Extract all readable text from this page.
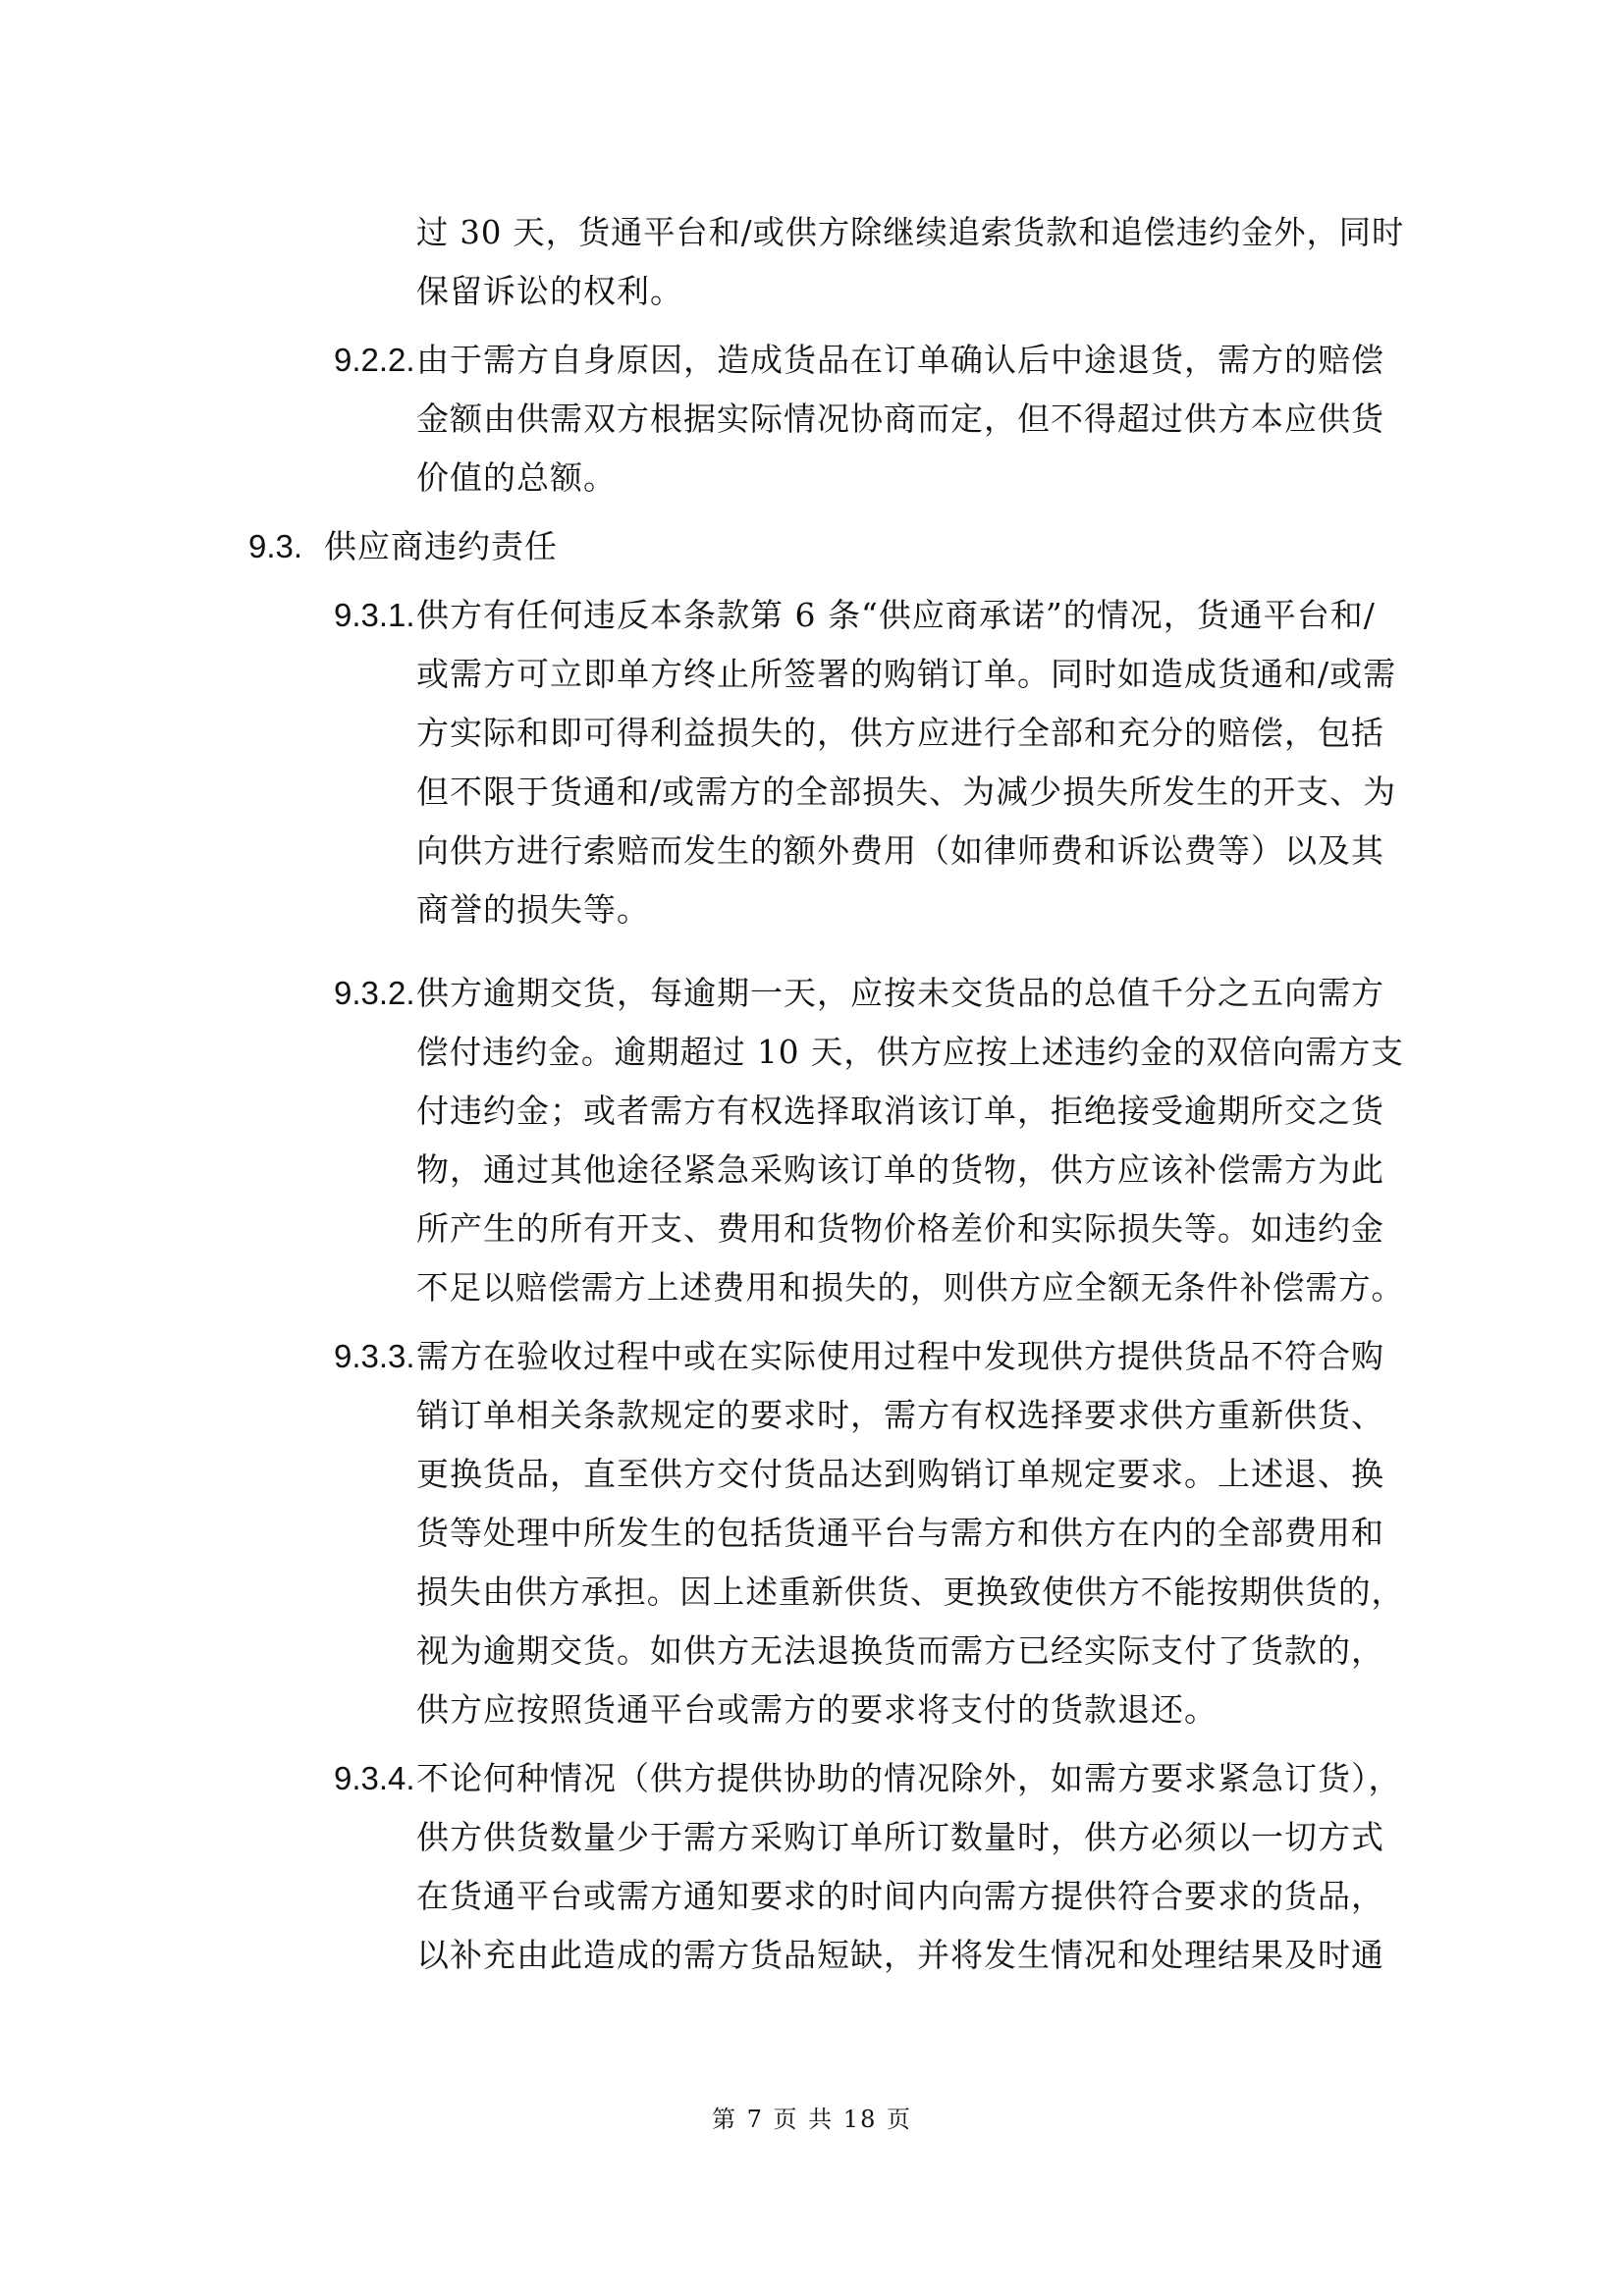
过 30 天，货通平台和/或供方除继续追索货款和追偿违约金外，同时
保留诉讼的权利。
9.2.2. 由于需方自身原因，造成货品在订单确认后中途退货，需方的赔偿
金额由供需双方根据实际情况协商而定，但不得超过供方本应供货
价值的总额。
9.3. 供应商违约责任
9.3.1. 供方有任何违反本条款第 6 条“供应商承诺”的情况，货通平台和/
或需方可立即单方终止所签署的购销订单。同时如造成货通和/或需
方实际和即可得利益损失的，供方应进行全部和充分的赔偿，包括
但不限于货通和/或需方的全部损失、为减少损失所发生的开支、为
向供方进行索赔而发生的额外费用（如律师费和诉讼费等）以及其
商誉的损失等。
9.3.2. 供方逾期交货，每逾期一天，应按未交货品的总值千分之五向需方
偿付违约金。逾期超过 10 天，供方应按上述违约金的双倍向需方支
付违约金；或者需方有权选择取消该订单，拒绝接受逾期所交之货
物，通过其他途径紧急采购该订单的货物，供方应该补偿需方为此
所产生的所有开支、费用和货物价格差价和实际损失等。如违约金
不足以赔偿需方上述费用和损失的，则供方应全额无条件补偿需方。
9.3.3. 需方在验收过程中或在实际使用过程中发现供方提供货品不符合购
销订单相关条款规定的要求时，需方有权选择要求供方重新供货、
更换货品，直至供方交付货品达到购销订单规定要求。上述退、换
货等处理中所发生的包括货通平台与需方和供方在内的全部费用和
损失由供方承担。因上述重新供货、更换致使供方不能按期供货的，
视为逾期交货。如供方无法退换货而需方已经实际支付了货款的，
供方应按照货通平台或需方的要求将支付的货款退还。
9.3.4. 不论何种情况（供方提供协助的情况除外，如需方要求紧急订货），
供方供货数量少于需方采购订单所订数量时，供方必须以一切方式
在货通平台或需方通知要求的时间内向需方提供符合要求的货品，
以补充由此造成的需方货品短缺，并将发生情况和处理结果及时通
第 7 页 共 18 页
